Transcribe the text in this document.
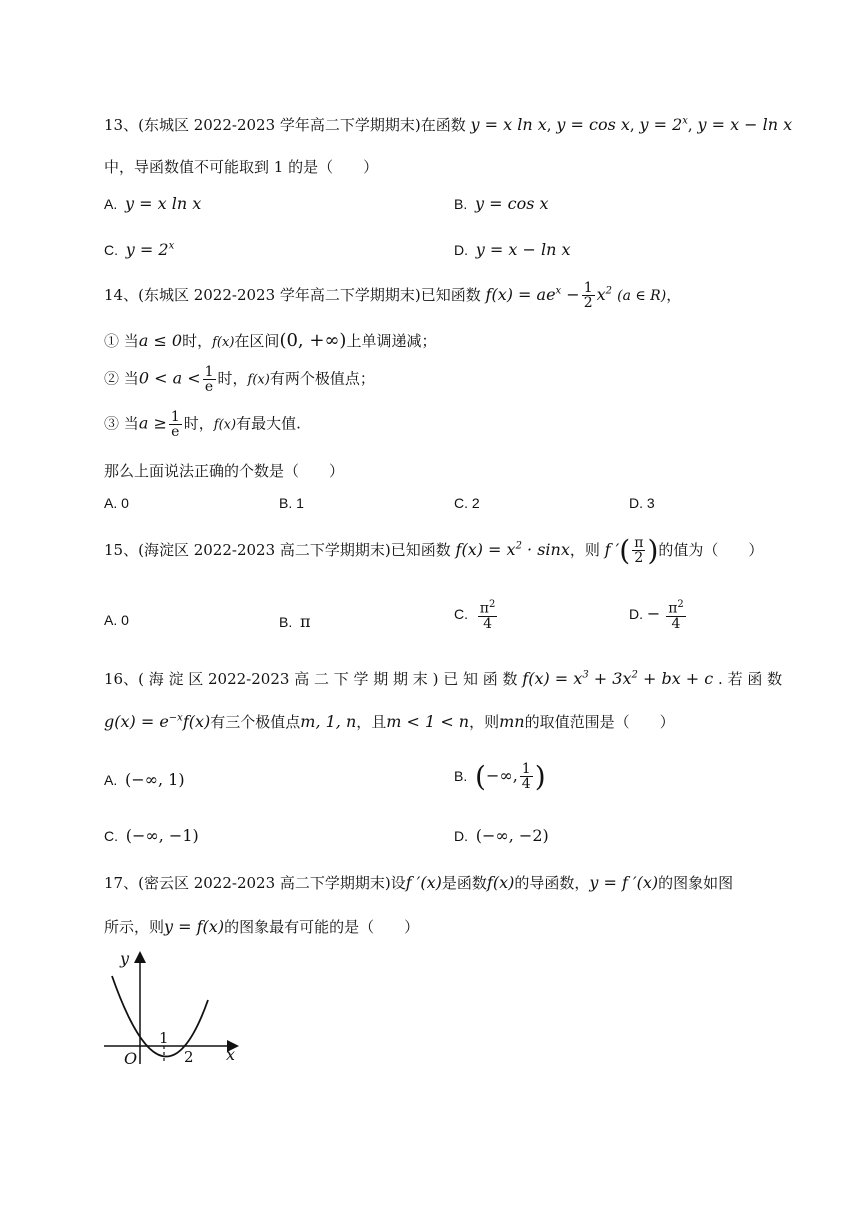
13、(东城区 2022-2023 学年高二下学期期末)在函数 y = x ln x, y = cos x, $y = 2^x$, y = x − ln x
中，导函数值不可能取到 1 的是（　　）
A. y = x ln x	B. y = cos x
C. $y = 2^x$	D. y = x − ln x
14、(东城区 2022-2023 学年高二下学期期末)已知函数 $f(x) = ae^x - \frac{1}{2} x^2$ (a ∈ R)，
① 当a ≤ 0时，f(x)在区间(0, +∞)上单调递减；
② 当$0 < a < \frac{1}{e}$ 时，f(x)有两个极值点；
③ 当$a \ge \frac{1}{e}$ 时，f(x)有最大值.
那么上面说法正确的个数是（　　）
A. 0	B. 1	C. 2	D. 3
15、(海淀区 2022-2023 高二下学期期末)已知函数 $f(x) = x^2 \cdot \sin x$，则 f ′( $\frac{\pi}{2}$ )的值为（　　）
A. 0	B. π	C. $\frac{\pi^2}{4}$	D. − $\frac{\pi^2}{4}$
16、( 海 淀 区 2022-2023 高 二 下 学 期 期 末 ) 已 知 函 数 $f(x) = x^3 + 3x^2$ + bx + c . 若 函 数
$g(x) = e^{-x}f(x)$有三个极值点m, 1, n，且m < 1 < n，则mn的取值范围是（　　）
A. (−∞, 1)	B. (−∞, $\frac{1}{4}$ )
C. (−∞, −1)	D. (−∞, −2)
17、(密云区 2022-2023 高二下学期期末)设f ′(x)是函数f(x)的导函数，y = f ′(x)的图象如图
所示，则y = f(x)的图象最有可能的是（　　）
y
x
O
1
2
